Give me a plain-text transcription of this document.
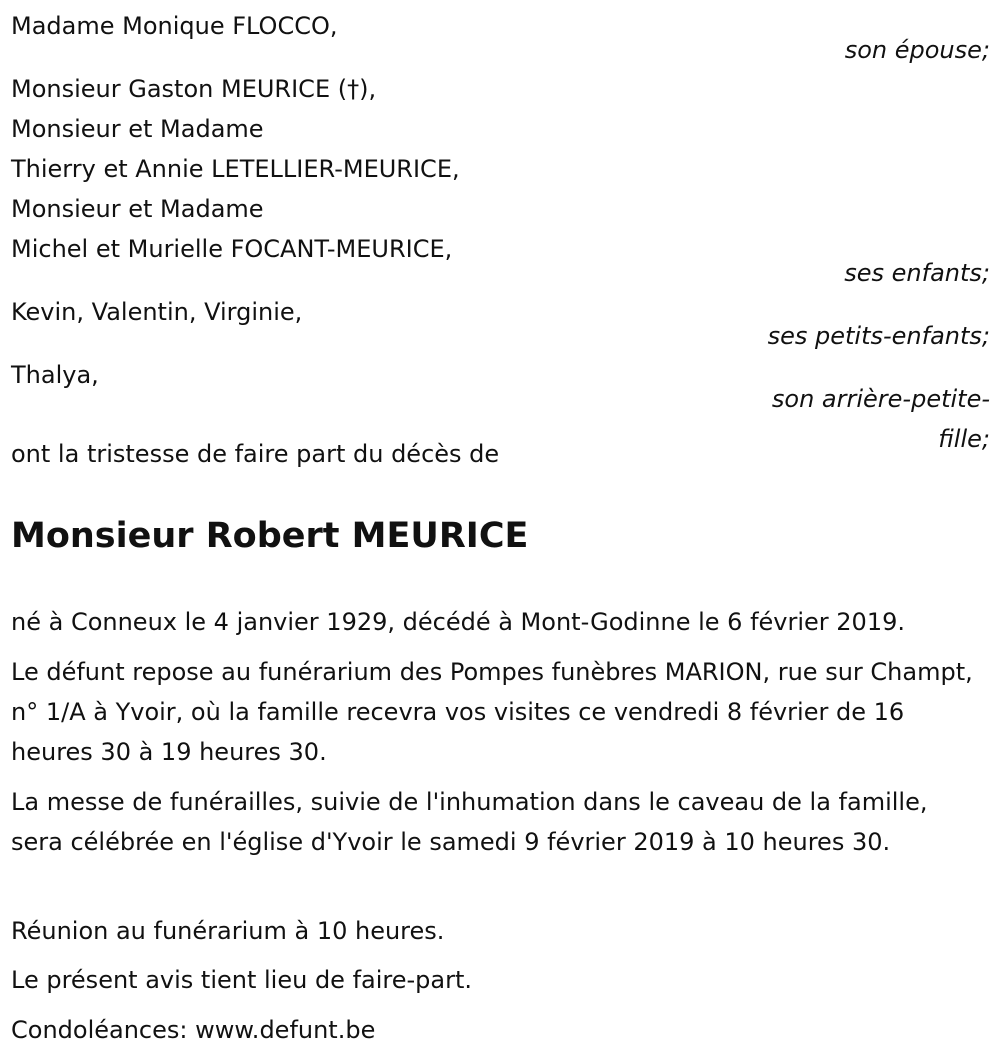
Madame Monique FLOCCO,
son épouse;
Monsieur Gaston MEURICE (†),
Monsieur et Madame
Thierry et Annie LETELLIER-MEURICE,
Monsieur et Madame
Michel et Murielle FOCANT-MEURICE,
ses enfants;
Kevin, Valentin, Virginie,
ses petits-enfants;
Thalya,
son arrière-petite-
fille;
ont la tristesse de faire part du décès de
Monsieur Robert MEURICE
né à Conneux le 4 janvier 1929, décédé à Mont-Godinne le 6 février 2019.
Le défunt repose au funérarium des Pompes funèbres MARION, rue sur Champt, n° 1/A à Yvoir, où la famille recevra vos visites ce vendredi 8 février de 16 heures 30 à 19 heures 30.
La messe de funérailles, suivie de l'inhumation dans le caveau de la famille, sera célébrée en l'église d'Yvoir le samedi 9 février 2019 à 10 heures 30.
Réunion au funérarium à 10 heures.
Le présent avis tient lieu de faire-part.
Condoléances: www.defunt.be
